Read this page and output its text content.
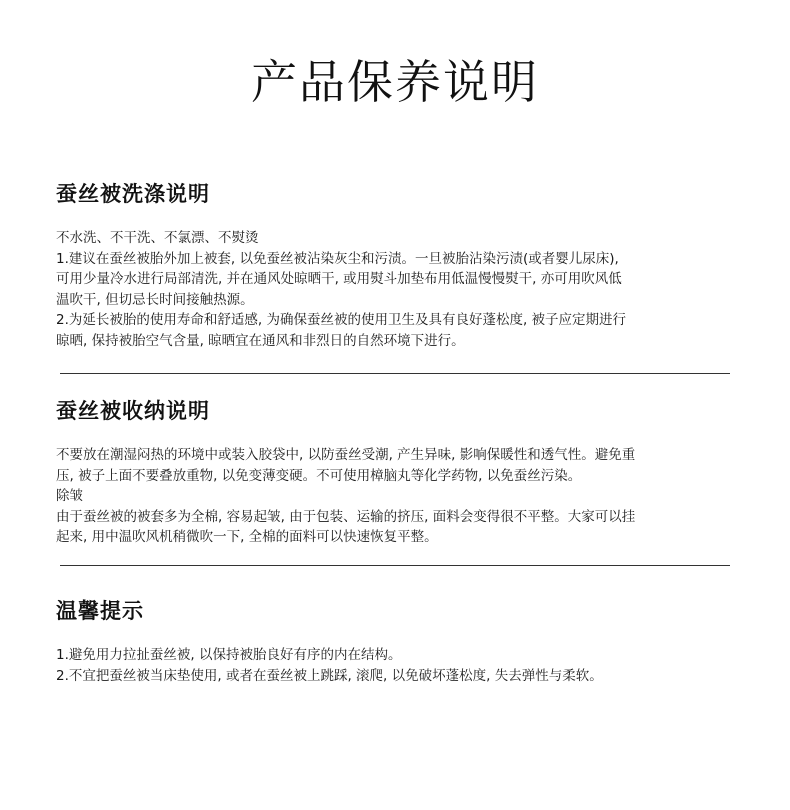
产品保养说明
蚕丝被洗涤说明
不水洗、不干洗、不氯漂、不熨烫
1.建议在蚕丝被胎外加上被套, 以免蚕丝被沾染灰尘和污渍。一旦被胎沾染污渍(或者婴儿尿床),
可用少量冷水进行局部清洗, 并在通风处晾晒干, 或用熨斗加垫布用低温慢慢熨干, 亦可用吹风低
温吹干, 但切忌长时间接触热源。
2.为延长被胎的使用寿命和舒适感, 为确保蚕丝被的使用卫生及具有良好蓬松度, 被子应定期进行
晾晒, 保持被胎空气含量, 晾晒宜在通风和非烈日的自然环境下进行。
蚕丝被收纳说明
不要放在潮湿闷热的环境中或装入胶袋中, 以防蚕丝受潮, 产生异味, 影响保暖性和透气性。避免重
压, 被子上面不要叠放重物, 以免变薄变硬。不可使用樟脑丸等化学药物, 以免蚕丝污染。
除皱
由于蚕丝被的被套多为全棉, 容易起皱, 由于包装、运输的挤压, 面料会变得很不平整。大家可以挂
起来, 用中温吹风机稍微吹一下, 全棉的面料可以快速恢复平整。
温馨提示
1.避免用力拉扯蚕丝被, 以保持被胎良好有序的内在结构。
2.不宜把蚕丝被当床垫使用, 或者在蚕丝被上跳踩, 滚爬, 以免破坏蓬松度, 失去弹性与柔软。
